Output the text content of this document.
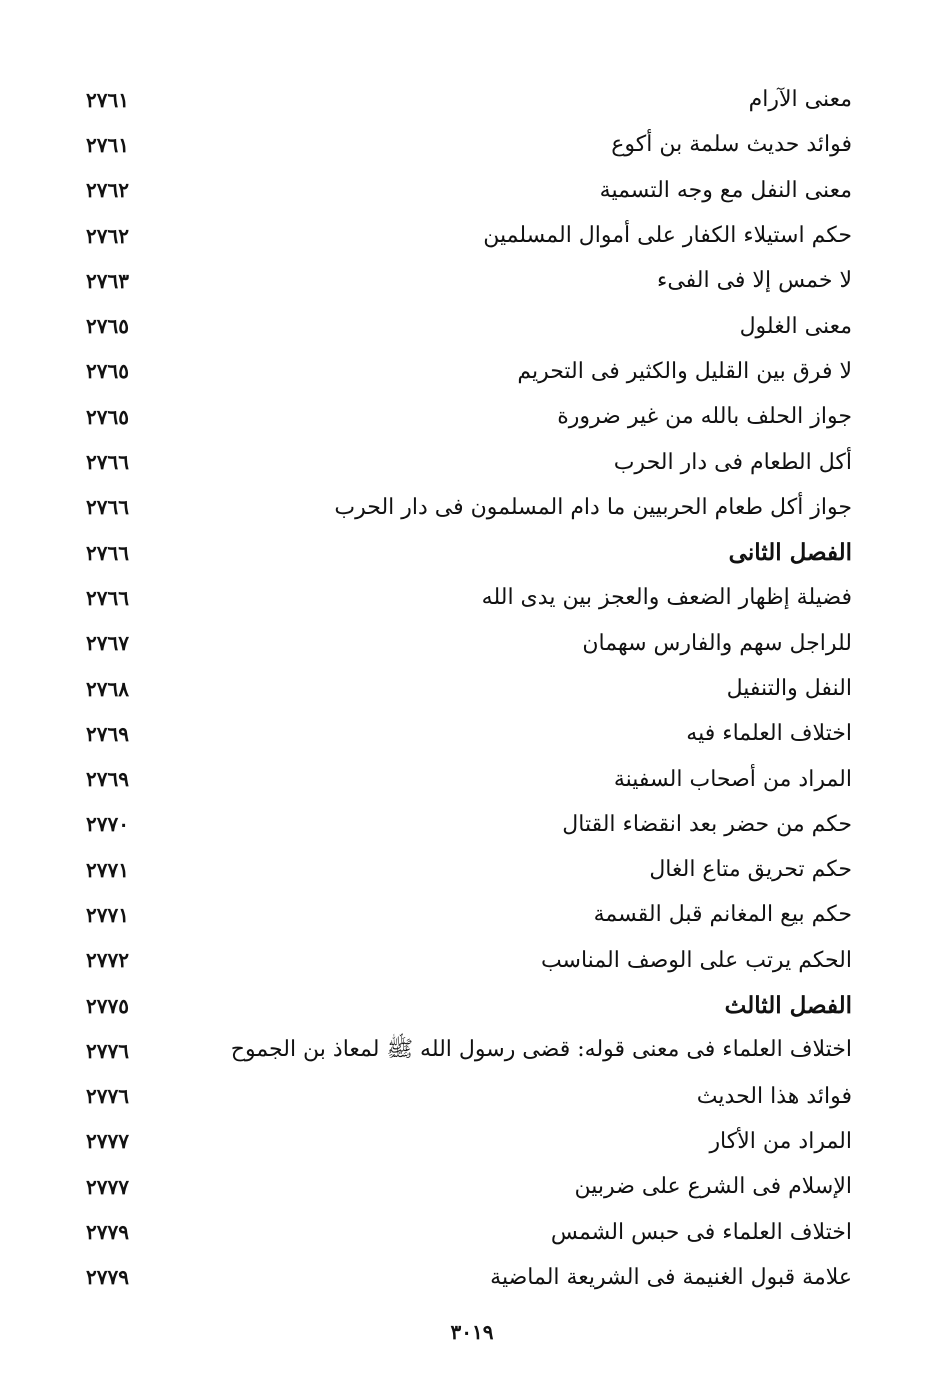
معنى الآرام
٢٧٦١
فوائد حديث سلمة بن أكوع
٢٧٦١
معنى النفل مع وجه التسمية
٢٧٦٢
حكم استيلاء الكفار على أموال المسلمين
٢٧٦٢
لا خمس إلا فى الفىء
٢٧٦٣
معنى الغلول
٢٧٦٥
لا فرق بين القليل والكثير فى التحريم
٢٧٦٥
جواز الحلف بالله من غير ضرورة
٢٧٦٥
أكل الطعام فى دار الحرب
٢٧٦٦
جواز أكل طعام الحربيين ما دام المسلمون فى دار الحرب
٢٧٦٦
الفصل الثانى
٢٧٦٦
فضيلة إظهار الضعف والعجز بين يدى الله
٢٧٦٦
للراجل سهم والفارس سهمان
٢٧٦٧
النفل والتنفيل
٢٧٦٨
اختلاف العلماء فيه
٢٧٦٩
المراد من أصحاب السفينة
٢٧٦٩
حكم من حضر بعد انقضاء القتال
٢٧٧٠
حكم تحريق متاع الغال
٢٧٧١
حكم بيع المغانم قبل القسمة
٢٧٧١
الحكم يرتب على الوصف المناسب
٢٧٧٢
الفصل الثالث
٢٧٧٥
اختلاف العلماء فى معنى قوله: قضى رسول الله ﷺ لمعاذ بن الجموح
٢٧٧٦
فوائد هذا الحديث
٢٧٧٦
المراد من الأكار
٢٧٧٧
الإسلام فى الشرع على ضربين
٢٧٧٧
اختلاف العلماء فى حبس الشمس
٢٧٧٩
علامة قبول الغنيمة فى الشريعة الماضية
٢٧٧٩
٣٠١٩
